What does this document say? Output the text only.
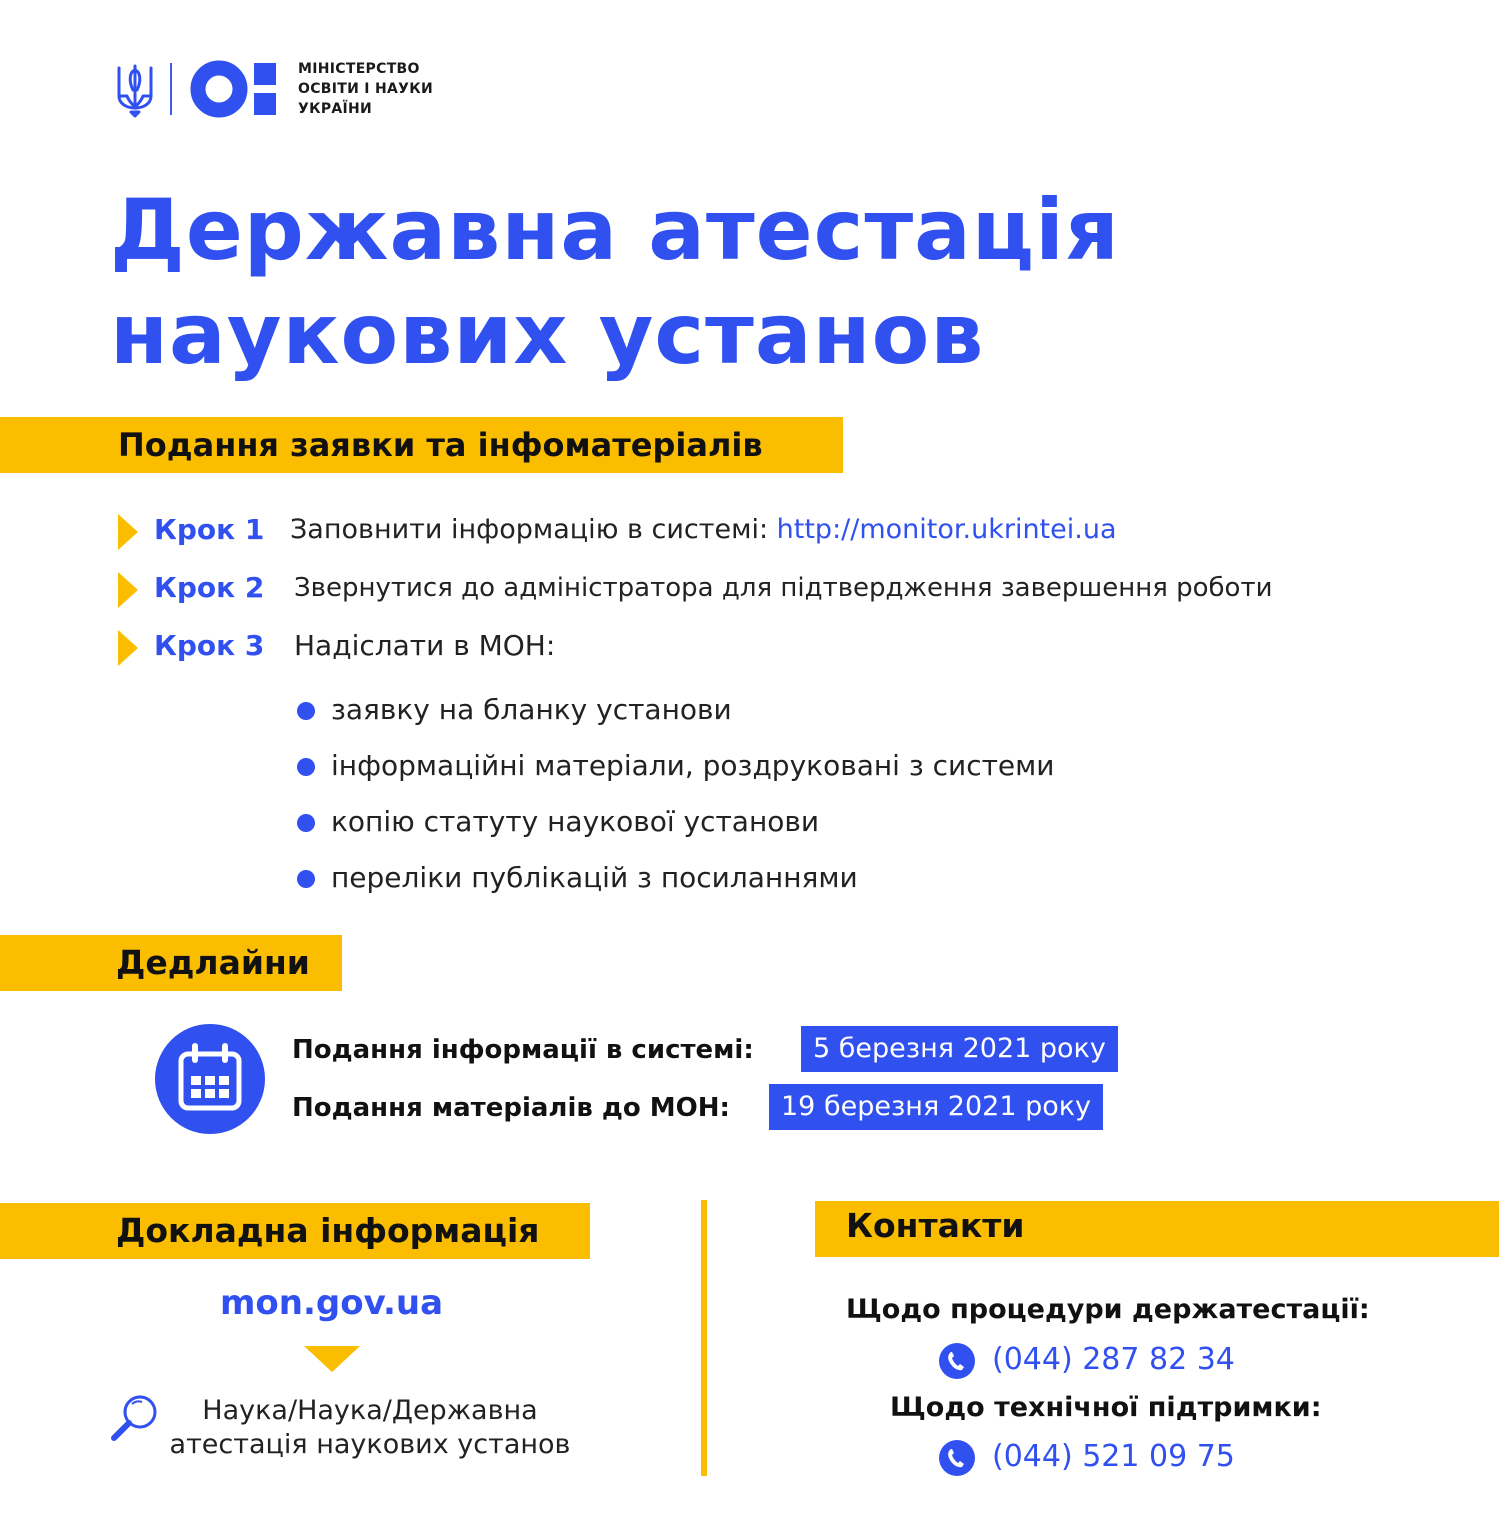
МІНІСТЕРСТВО
ОСВІТИ І НАУКИ
УКРАЇНИ
Державна атестація
наукових установ
Подання заявки та інфоматеріалів
Крок 1 Заповнити інформацію в системі: http://monitor.ukrintei.ua
Крок 2 Звернутися до адміністратора для підтвердження завершення роботи
Крок 3 Надіслати в МОН:
заявку на бланку установи
інформаційні матеріали, роздруковані з системи
копію статуту наукової установи
переліки публікацій з посиланнями
Дедлайни
Подання інформації в системі:	5 березня 2021 року
Подання матеріалів до МОН:	19 березня 2021 року
Докладна інформація
mon.gov.ua
Наука/Наука/Державна
атестація наукових установ
Контакти
Щодо процедури держатестації:
(044) 287 82 34
Щодо технічної підтримки:
(044) 521 09 75
